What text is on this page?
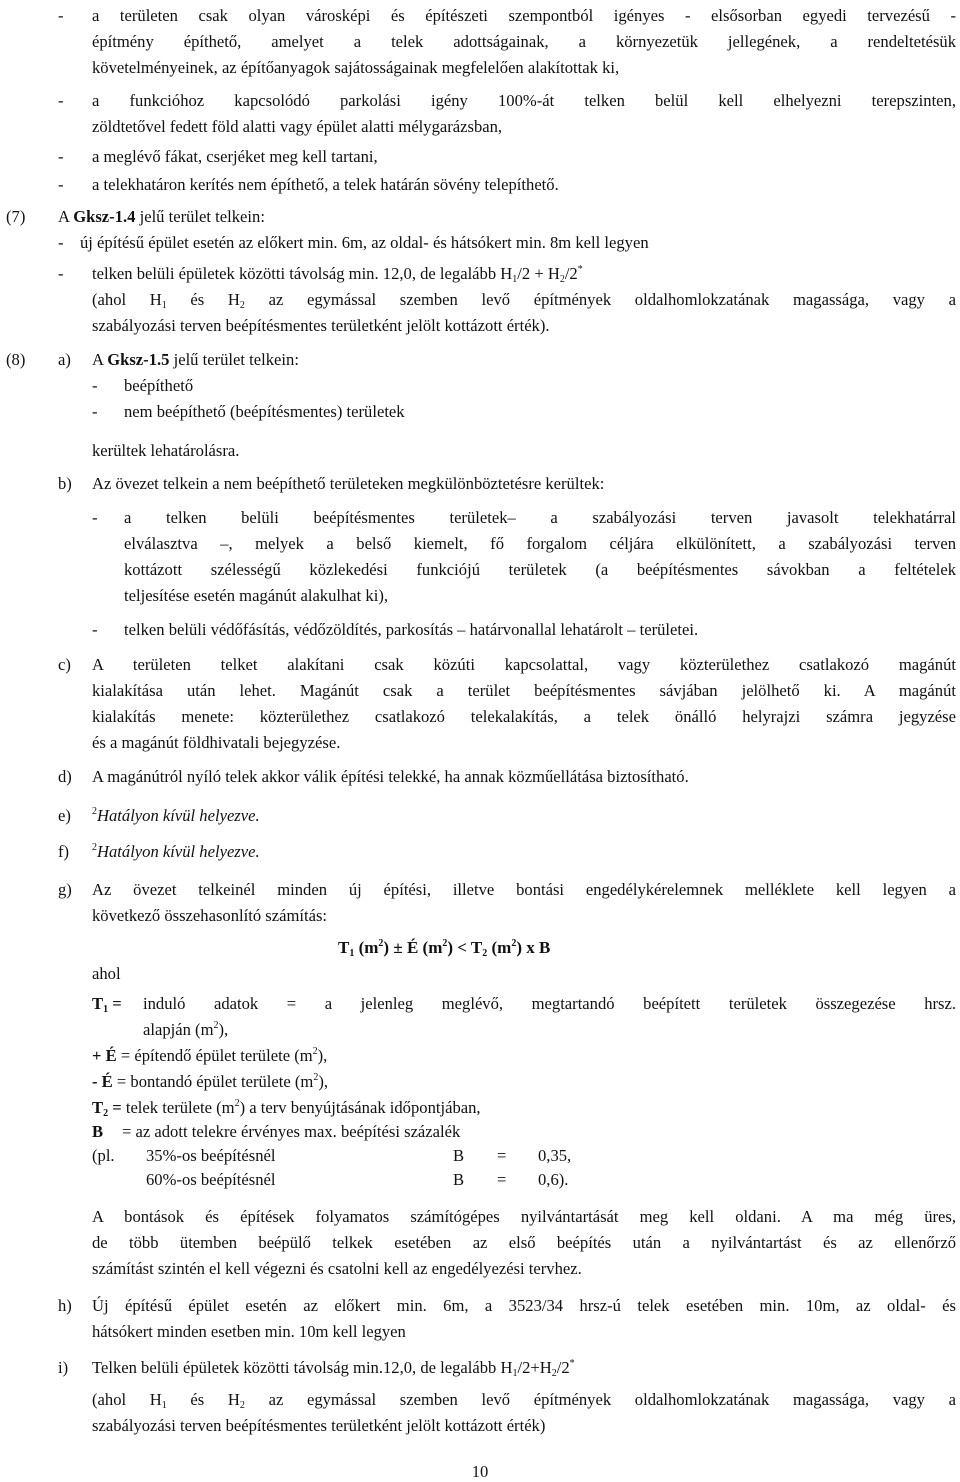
- a területen csak olyan városképi és építészeti szempontból igényes - elsősorban egyedi tervezésű -
építmény építhető, amelyet a telek adottságainak, a környezetük jellegének, a rendeltetésük
követelményeinek, az építőanyagok sajátosságainak megfelelően alakítottak ki,
- a funkcióhoz kapcsolódó parkolási igény 100%-át telken belül kell elhelyezni terepszinten,
zöldtetővel fedett föld alatti vagy épület alatti mélygarázsban,
- a meglévő fákat, cserjéket meg kell tartani,
- a telekhatáron kerítés nem építhető, a telek határán sövény telepíthető.
(7) A Gksz-1.4 jelű terület telkein:
- új építésű épület esetén az előkert min. 6m, az oldal- és hátsókert min. 8m kell legyen
- telken belüli épületek közötti távolság min. 12,0, de legalább $H_1/2 + H_2/2^*$
(ahol $H_1$ és $H_2$ az egymással szemben levő építmények oldalhomlokzatának magassága, vagy a
szabályozási terven beépítésmentes területként jelölt kottázott érték).
(8) a) A Gksz-1.5 jelű terület telkein:
- beépíthető
- nem beépíthető (beépítésmentes) területek
kerültek lehatárolásra.
b) Az övezet telkein a nem beépíthető területeken megkülönböztetésre kerültek:
- a telken belüli beépítésmentes területek– a szabályozási terven javasolt telekhatárral
elválasztva –, melyek a belső kiemelt, fő forgalom céljára elkülönített, a szabályozási terven
kottázott szélességű közlekedési funkciójú területek (a beépítésmentes sávokban a feltételek
teljesítése esetén magánút alakulhat ki),
- telken belüli védőfásítás, védőzöldítés, parkosítás – határvonallal lehatárolt – területei.
c) A területen telket alakítani csak közúti kapcsolattal, vagy közterülethez csatlakozó magánút
kialakítása után lehet. Magánút csak a terület beépítésmentes sávjában jelölhető ki. A magánút
kialakítás menete: közterülethez csatlakozó telekalakítás, a telek önálló helyrajzi számra jegyzése
és a magánút földhivatali bejegyzése.
d) A magánútról nyíló telek akkor válik építési telekké, ha annak közműellátása biztosítható.
e) $^2$Hatályon kívül helyezve.
f) $^2$Hatályon kívül helyezve.
g) Az övezet telkeinél minden új építési, illetve bontási engedélykérelemnek melléklete kell legyen a
következő összehasonlító számítás:
$T_1$ $(m^2)$ ± É $(m^2) < T_2$ $(m^2)$ x B
ahol
$T_1$ = induló adatok = a jelenleg meglévő, megtartandó beépített területek összegezése hrsz.
alapján $(m^2)$,
+ É = építendő épület területe $(m^2)$,
- É = bontandó épület területe $(m^2)$,
$T_2$ = telek területe $(m^2)$ a terv benyújtásának időpontjában,
B = az adott telekre érvényes max. beépítési százalék
(pl. 35%-os beépítésnél	B = 0,35,
60%-os beépítésnél	B = 0,6).
A bontások és építések folyamatos számítógépes nyilvántartását meg kell oldani. A ma még üres,
de több ütemben beépülő telkek esetében az első beépítés után a nyilvántartást és az ellenőrző
számítást szintén el kell végezni és csatolni kell az engedélyezési tervhez.
h) Új építésű épület esetén az előkert min. 6m, a 3523/34 hrsz-ú telek esetében min. 10m, az oldal- és
hátsókert minden esetben min. 10m kell legyen
i) Telken belüli épületek közötti távolság min.12,0, de legalább $H_1/2+H_2/2^*$
(ahol $H_1$ és $H_2$ az egymással szemben levő építmények oldalhomlokzatának magassága, vagy a
szabályozási terven beépítésmentes területként jelölt kottázott érték)
10
